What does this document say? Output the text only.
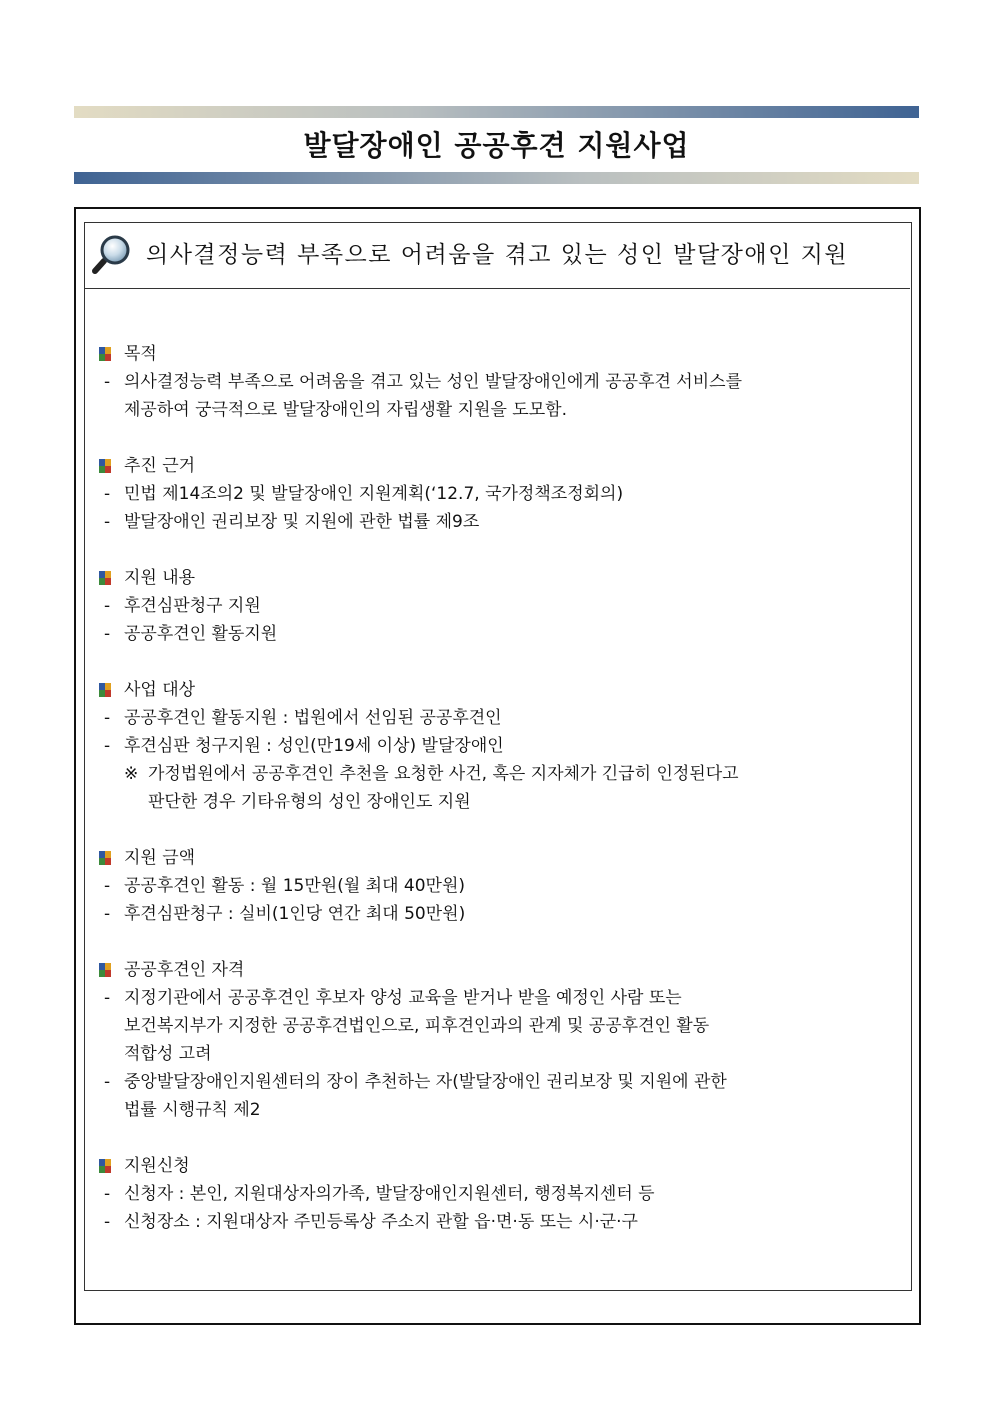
발달장애인 공공후견 지원사업
의사결정능력 부족으로 어려움을 겪고 있는 성인 발달장애인 지원
목적
- 의사결정능력 부족으로 어려움을 겪고 있는 성인 발달장애인에게 공공후견 서비스를
제공하여 궁극적으로 발달장애인의 자립생활 지원을 도모함.
추진 근거
- 민법 제14조의2 및 발달장애인 지원계획(‘12.7, 국가정책조정회의)
- 발달장애인 권리보장 및 지원에 관한 법률 제9조
지원 내용
- 후견심판청구 지원
- 공공후견인 활동지원
사업 대상
- 공공후견인 활동지원 : 법원에서 선임된 공공후견인
- 후견심판 청구지원 : 성인(만19세 이상) 발달장애인
※ 가정법원에서 공공후견인 추천을 요청한 사건, 혹은 지자체가 긴급히 인정된다고
판단한 경우 기타유형의 성인 장애인도 지원
지원 금액
- 공공후견인 활동 : 월 15만원(월 최대 40만원)
- 후견심판청구 : 실비(1인당 연간 최대 50만원)
공공후견인 자격
- 지정기관에서 공공후견인 후보자 양성 교육을 받거나 받을 예정인 사람 또는
보건복지부가 지정한 공공후견법인으로, 피후견인과의 관계 및 공공후견인 활동
적합성 고려
- 중앙발달장애인지원센터의 장이 추천하는 자(발달장애인 권리보장 및 지원에 관한
법률 시행규칙 제2
지원신청
- 신청자 : 본인, 지원대상자의가족, 발달장애인지원센터, 행정복지센터 등
- 신청장소 : 지원대상자 주민등록상 주소지 관할 읍·면·동 또는 시·군·구
